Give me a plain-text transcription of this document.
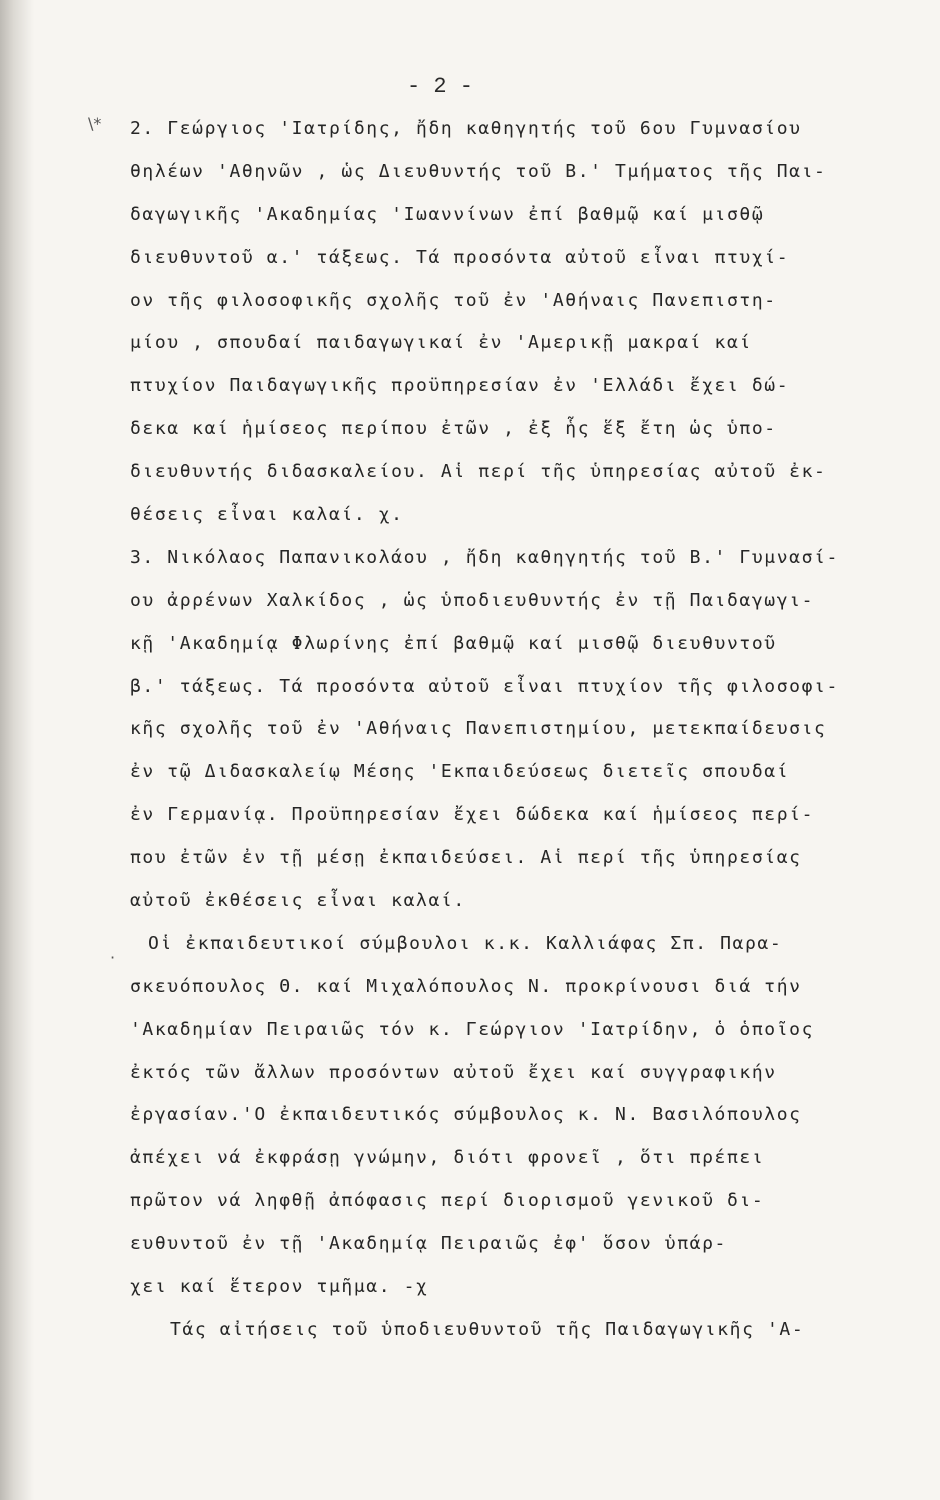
\*
·
- 2 -
2. Γεώργιος 'Ιατρίδης, ἤδη καθηγητής τοῦ 6ου Γυμνασίου
θηλέων 'Αθηνῶν , ὡς Διευθυντής τοῦ Β.' Τμήματος τῆς Παι-
δαγωγικῆς 'Ακαδημίας 'Ιωαννίνων ἐπί βαθμῷ καί μισθῷ
διευθυντοῦ α.' τάξεως. Τά προσόντα αὐτοῦ εἶναι πτυχί-
ον τῆς φιλοσοφικῆς σχολῆς τοῦ ἐν 'Αθήναις Πανεπιστη-
μίου , σπουδαί παιδαγωγικαί ἐν 'Αμερικῇ μακραί καί
πτυχίον Παιδαγωγικῆς προϋπηρεσίαν ἐν 'Ελλάδι ἔχει δώ-
δεκα καί ἡμίσεος περίπου ἐτῶν , ἐξ ἧς ἕξ ἔτη ὡς ὑπο-
διευθυντής διδασκαλείου. Αἱ περί τῆς ὑπηρεσίας αὐτοῦ ἐκ-
θέσεις εἶναι καλαί. χ.
3. Νικόλαος Παπανικολάου , ἤδη καθηγητής τοῦ Β.' Γυμνασί-
ου ἀρρένων Χαλκίδος , ὡς ὑποδιευθυντής ἐν τῇ Παιδαγωγι-
κῇ 'Ακαδημίᾳ Φλωρίνης ἐπί βαθμῷ καί μισθῷ διευθυντοῦ
β.' τάξεως. Τά προσόντα αὐτοῦ εἶναι πτυχίον τῆς φιλοσοφι-
κῆς σχολῆς τοῦ ἐν 'Αθήναις Πανεπιστημίου, μετεκπαίδευσις
ἐν τῷ Διδασκαλείῳ Μέσης 'Εκπαιδεύσεως διετεῖς σπουδαί
ἐν Γερμανίᾳ. Προϋπηρεσίαν ἔχει δώδεκα καί ἡμίσεος περί-
που ἐτῶν ἐν τῇ μέσῃ ἐκπαιδεύσει. Αἱ περί τῆς ὑπηρεσίας
αὐτοῦ ἐκθέσεις εἶναι καλαί.
Οἱ ἐκπαιδευτικοί σύμβουλοι κ.κ. Καλλιάφας Σπ. Παρα-
σκευόπουλος Θ. καί Μιχαλόπουλος Ν. προκρίνουσι διά τήν
'Ακαδημίαν Πειραιῶς τόν κ. Γεώργιον 'Ιατρίδην, ὁ ὁποῖος
ἐκτός τῶν ἄλλων προσόντων αὐτοῦ ἔχει καί συγγραφικήν
ἐργασίαν.'Ο ἐκπαιδευτικός σύμβουλος κ. Ν. Βασιλόπουλος
ἀπέχει νά ἐκφράσῃ γνώμην, διότι φρονεῖ , ὅτι πρέπει
πρῶτον νά ληφθῇ ἀπόφασις περί διορισμοῦ γενικοῦ δι-
ευθυντοῦ ἐν τῇ 'Ακαδημίᾳ Πειραιῶς ἐφ' ὅσον ὑπάρ-
χει καί ἕτερον τμῆμα. -χ
Τάς αἰτήσεις τοῦ ὑποδιευθυντοῦ τῆς Παιδαγωγικῆς 'Α-
